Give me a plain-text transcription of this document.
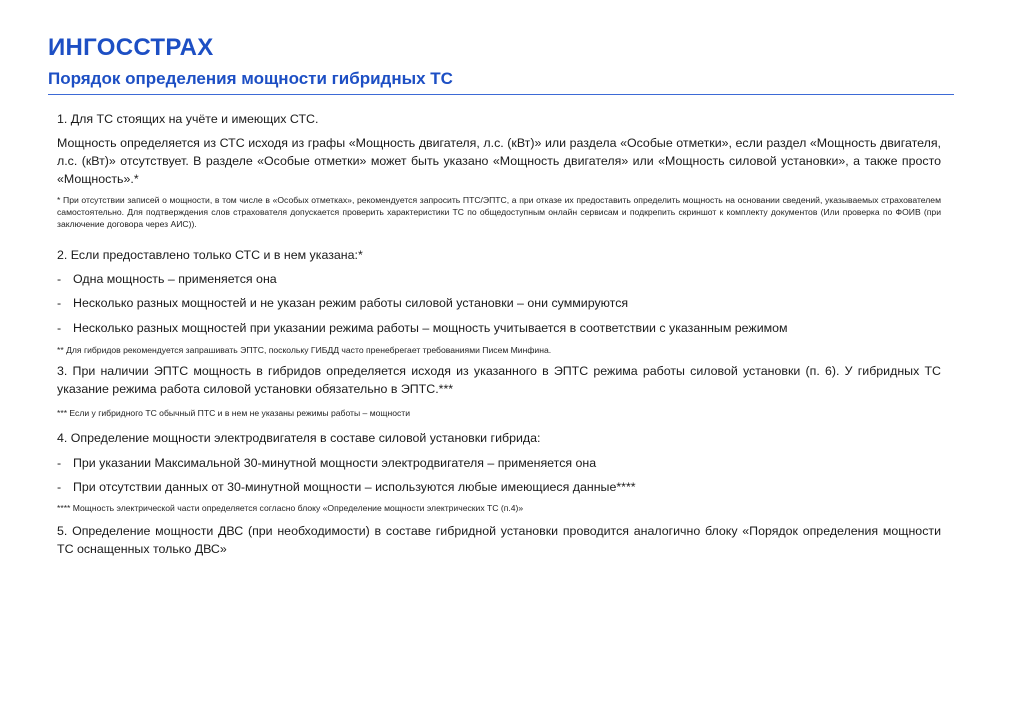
ИНГОССТРАХ
Порядок определения мощности гибридных ТС
1. Для ТС стоящих на учёте и имеющих СТС.
Мощность определяется из СТС исходя из графы «Мощность двигателя, л.с. (кВт)» или раздела «Особые отметки», если раздел «Мощность двигателя, л.с. (кВт)» отсутствует. В разделе «Особые отметки» может быть указано «Мощность двигателя» или «Мощность силовой установки», а также просто «Мощность».*
* При отсутствии записей о мощности, в том числе в «Особых отметках», рекомендуется запросить ПТС/ЭПТС, а при отказе их предоставить определить мощность на основании сведений, указываемых страхователем самостоятельно. Для подтверждения слов страхователя допускается проверить характеристики ТС по общедоступным онлайн сервисам и подкрепить скриншот к комплекту документов (Или проверка по ФОИВ (при заключение договора через АИС)).
2. Если предоставлено только СТС и в нем указана:*
- Одна мощность – применяется она
- Несколько разных мощностей и не указан режим работы силовой установки – они суммируются
- Несколько разных мощностей при указании режима работы – мощность учитывается в соответствии с указанным режимом
** Для гибридов рекомендуется запрашивать ЭПТС, поскольку ГИБДД часто пренебрегает требованиями Писем Минфина.
3. При наличии ЭПТС мощность в гибридов определяется исходя из указанного в ЭПТС режима работы силовой установки (п. 6). У гибридных ТС указание режима работа силовой установки обязательно в ЭПТС.***
*** Если у гибридного ТС обычный ПТС и в нем не указаны режимы работы – мощности
4. Определение мощности электродвигателя в составе силовой установки гибрида:
- При указании Максимальной 30-минутной мощности электродвигателя – применяется она
- При отсутствии данных от 30-минутной мощности – используются любые имеющиеся данные****
**** Мощность электрической части определяется согласно блоку «Определение мощности электрических ТС (п.4)»
5. Определение мощности ДВС (при необходимости) в составе гибридной установки проводится аналогично блоку «Порядок определения мощности ТС оснащенных только ДВС»
